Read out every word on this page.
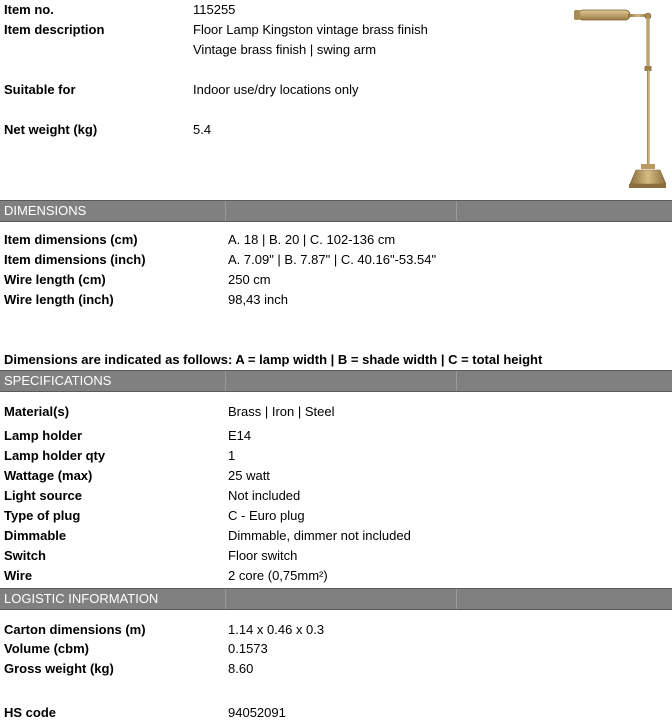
Item no.	115255
Item description	Floor Lamp Kingston vintage brass finish
Vintage brass finish | swing arm
Suitable for	Indoor use/dry locations only
Net weight (kg)	5.4
DIMENSIONS
Item dimensions (cm)	A. 18 | B. 20 | C. 102-136 cm
Item dimensions (inch)	A. 7.09" | B. 7.87" | C. 40.16"-53.54"
Wire length (cm)	250 cm
Wire length (inch)	98,43 inch
Dimensions are indicated as follows: A = lamp width | B = shade width | C = total height
SPECIFICATIONS
Material(s)	Brass | Iron | Steel
Lamp holder	E14
Lamp holder qty	1
Wattage (max)	25 watt
Light source	Not included
Type of plug	C - Euro plug
Dimmable	Dimmable, dimmer not included
Switch	Floor switch
Wire	2 core (0,75mm²)
LOGISTIC INFORMATION
Carton dimensions (m)	1.14 x 0.46 x 0.3
Volume (cbm)	0.1573
Gross weight (kg)	8.60
HS code	94052091
